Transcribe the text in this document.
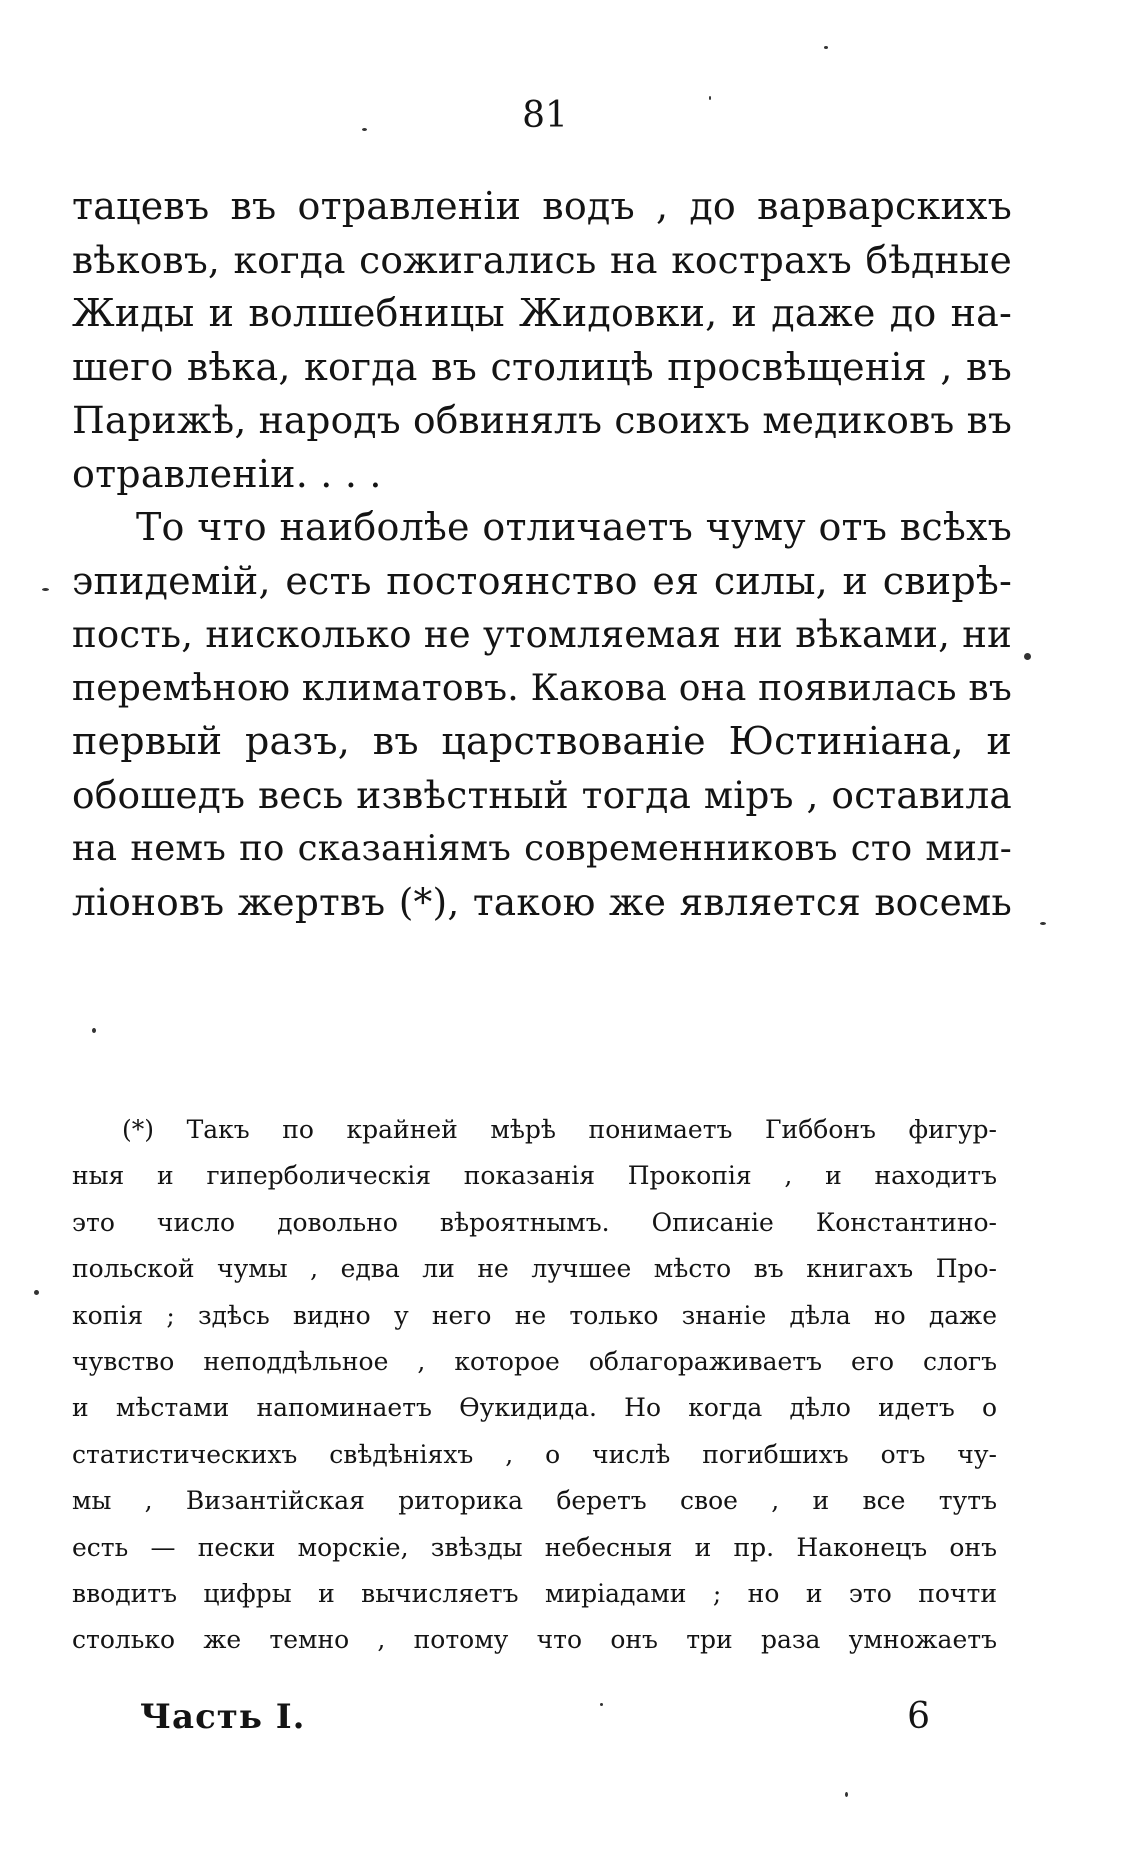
81
тацевъ въ отравленіи водъ , до варварскихъ
вѣковъ, когда сожигались на кострахъ бѣдные
Жиды и волшебницы Жидовки, и даже до на-
шего вѣка, когда въ столицѣ просвѣщенія , въ
Парижѣ, народъ обвинялъ своихъ медиковъ въ
отравленіи. . . .
То что наиболѣе отличаетъ чуму отъ всѣхъ
эпидемій, есть постоянство ея силы, и свирѣ-
пость, нисколько не утомляемая ни вѣками, ни
перемѣною климатовъ. Какова она появилась въ
первый разъ, въ царствованіе Юстиніана, и
обошедъ весь извѣстный тогда міръ , оставила
на немъ по сказаніямъ современниковъ сто мил-
ліоновъ жертвъ (*), такою же является восемь
(*) Такъ по крайней мѣрѣ понимаетъ Гиббонъ фигур-
ныя и гиперболическія показанія Прокопія , и находитъ
это число довольно вѣроятнымъ. Описаніе Константино-
польской чумы , едва ли не лучшее мѣсто въ книгахъ Про-
копія ; здѣсь видно у него не только знаніе дѣла но даже
чувство неподдѣльное , которое облагораживаетъ его слогъ
и мѣстами напоминаетъ Ѳукидида. Но когда дѣло идетъ о
статистическихъ свѣдѣніяхъ , о числѣ погибшихъ отъ чу-
мы , Византійская риторика беретъ свое , и все тутъ
есть — пески морскіе, звѣзды небесныя и пр. Наконецъ онъ
вводитъ цифры и вычисляетъ миріадами ; но и это почти
столько же темно , потому что онъ три раза умножаетъ
Часть I.	6
